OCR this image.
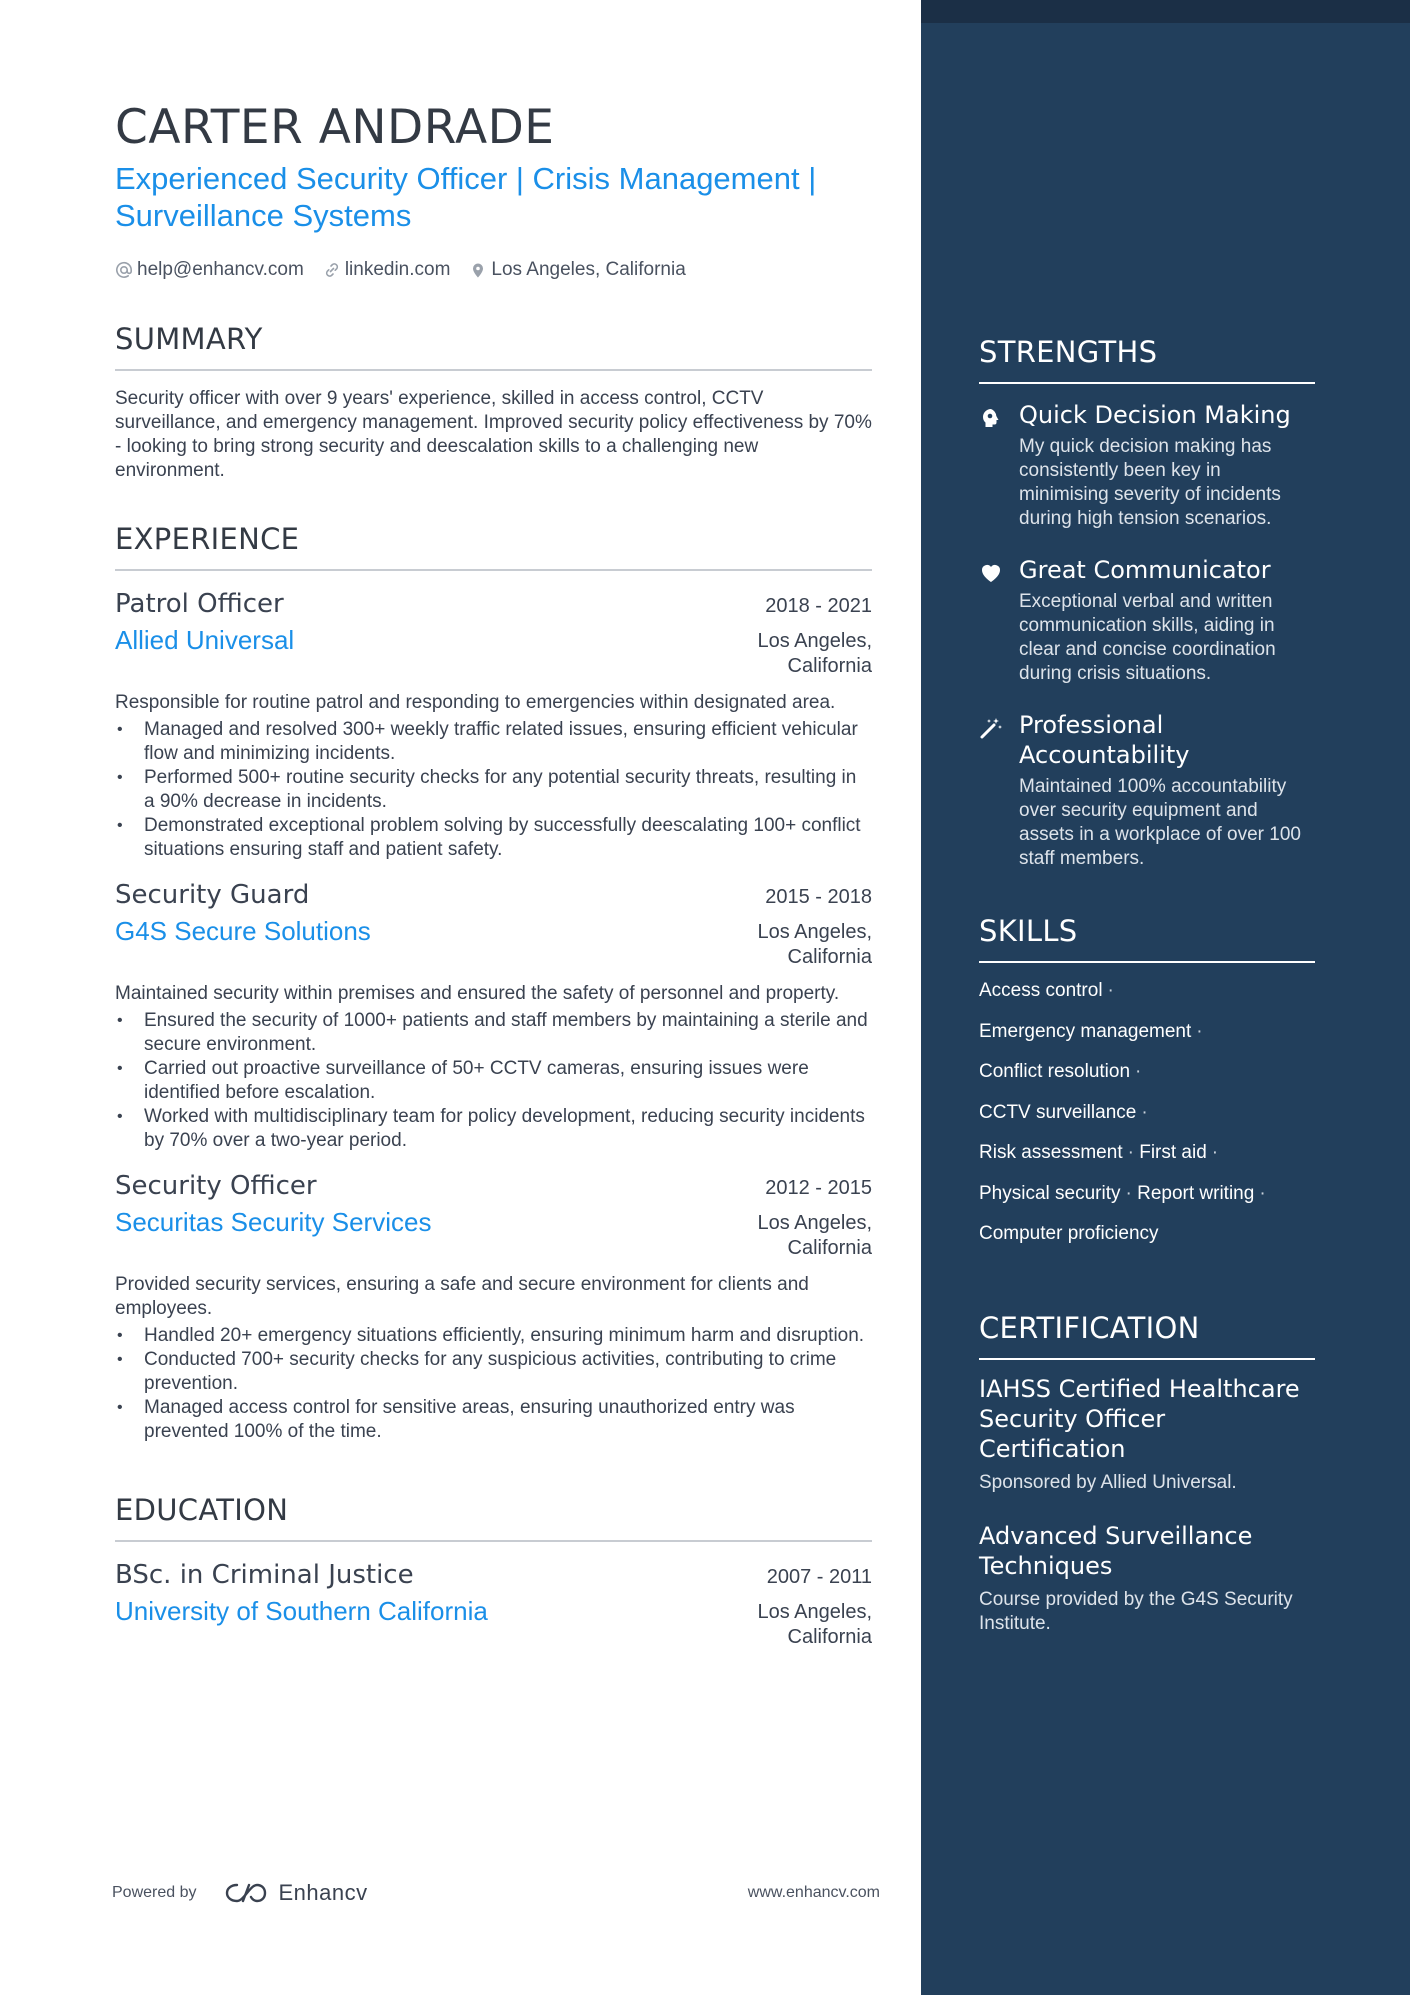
CARTER ANDRADE
Experienced Security Officer | Crisis Management |
Surveillance Systems
help@enhancv.com linkedin.com Los Angeles, California
SUMMARY

Security officer with over 9 years' experience, skilled in access control, CCTV surveillance, and emergency management. Improved security policy effectiveness by 70% - looking to bring strong security and deescalation skills to a challenging new environment.

EXPERIENCE
Patrol Officer	2018 - 2021
Allied Universal	Los Angeles,
California

Responsible for routine patrol and responding to emergencies within designated area.

• Managed and resolved 300+ weekly traffic related issues, ensuring efficient vehicular flow and minimizing incidents.
• Performed 500+ routine security checks for any potential security threats, resulting in a 90% decrease in incidents.
• Demonstrated exceptional problem solving by successfully deescalating 100+ conflict situations ensuring staff and patient safety.
Security Guard	2015 - 2018
G4S Secure Solutions	Los Angeles,
California

Maintained security within premises and ensured the safety of personnel and property.

• Ensured the security of 1000+ patients and staff members by maintaining a sterile and secure environment.
• Carried out proactive surveillance of 50+ CCTV cameras, ensuring issues were identified before escalation.
• Worked with multidisciplinary team for policy development, reducing security incidents by 70% over a two-year period.
Security Officer	2012 - 2015
Securitas Security Services	Los Angeles,
California

Provided security services, ensuring a safe and secure environment for clients and employees.

• Handled 20+ emergency situations efficiently, ensuring minimum harm and disruption.
• Conducted 700+ security checks for any suspicious activities, contributing to crime prevention.
• Managed access control for sensitive areas, ensuring unauthorized entry was prevented 100% of the time.
EDUCATION
BSc. in Criminal Justice	2007 - 2011
University of Southern California	Los Angeles,
California
Powered by	Enhancv	www.enhancv.com
STRENGTHS
Quick Decision Making
My quick decision making has consistently been key in minimising severity of incidents during high tension scenarios.
Great Communicator
Exceptional verbal and written communication skills, aiding in clear and concise coordination during crisis situations.
Professional Accountability
Maintained 100% accountability over security equipment and assets in a workplace of over 100 staff members.
SKILLS
Access control ·
Emergency management ·
Conflict resolution ·
CCTV surveillance ·
Risk assessment · First aid ·
Physical security · Report writing ·
Computer proficiency
CERTIFICATION
IAHSS Certified Healthcare Security Officer Certification
Sponsored by Allied Universal.
Advanced Surveillance Techniques
Course provided by the G4S Security Institute.
